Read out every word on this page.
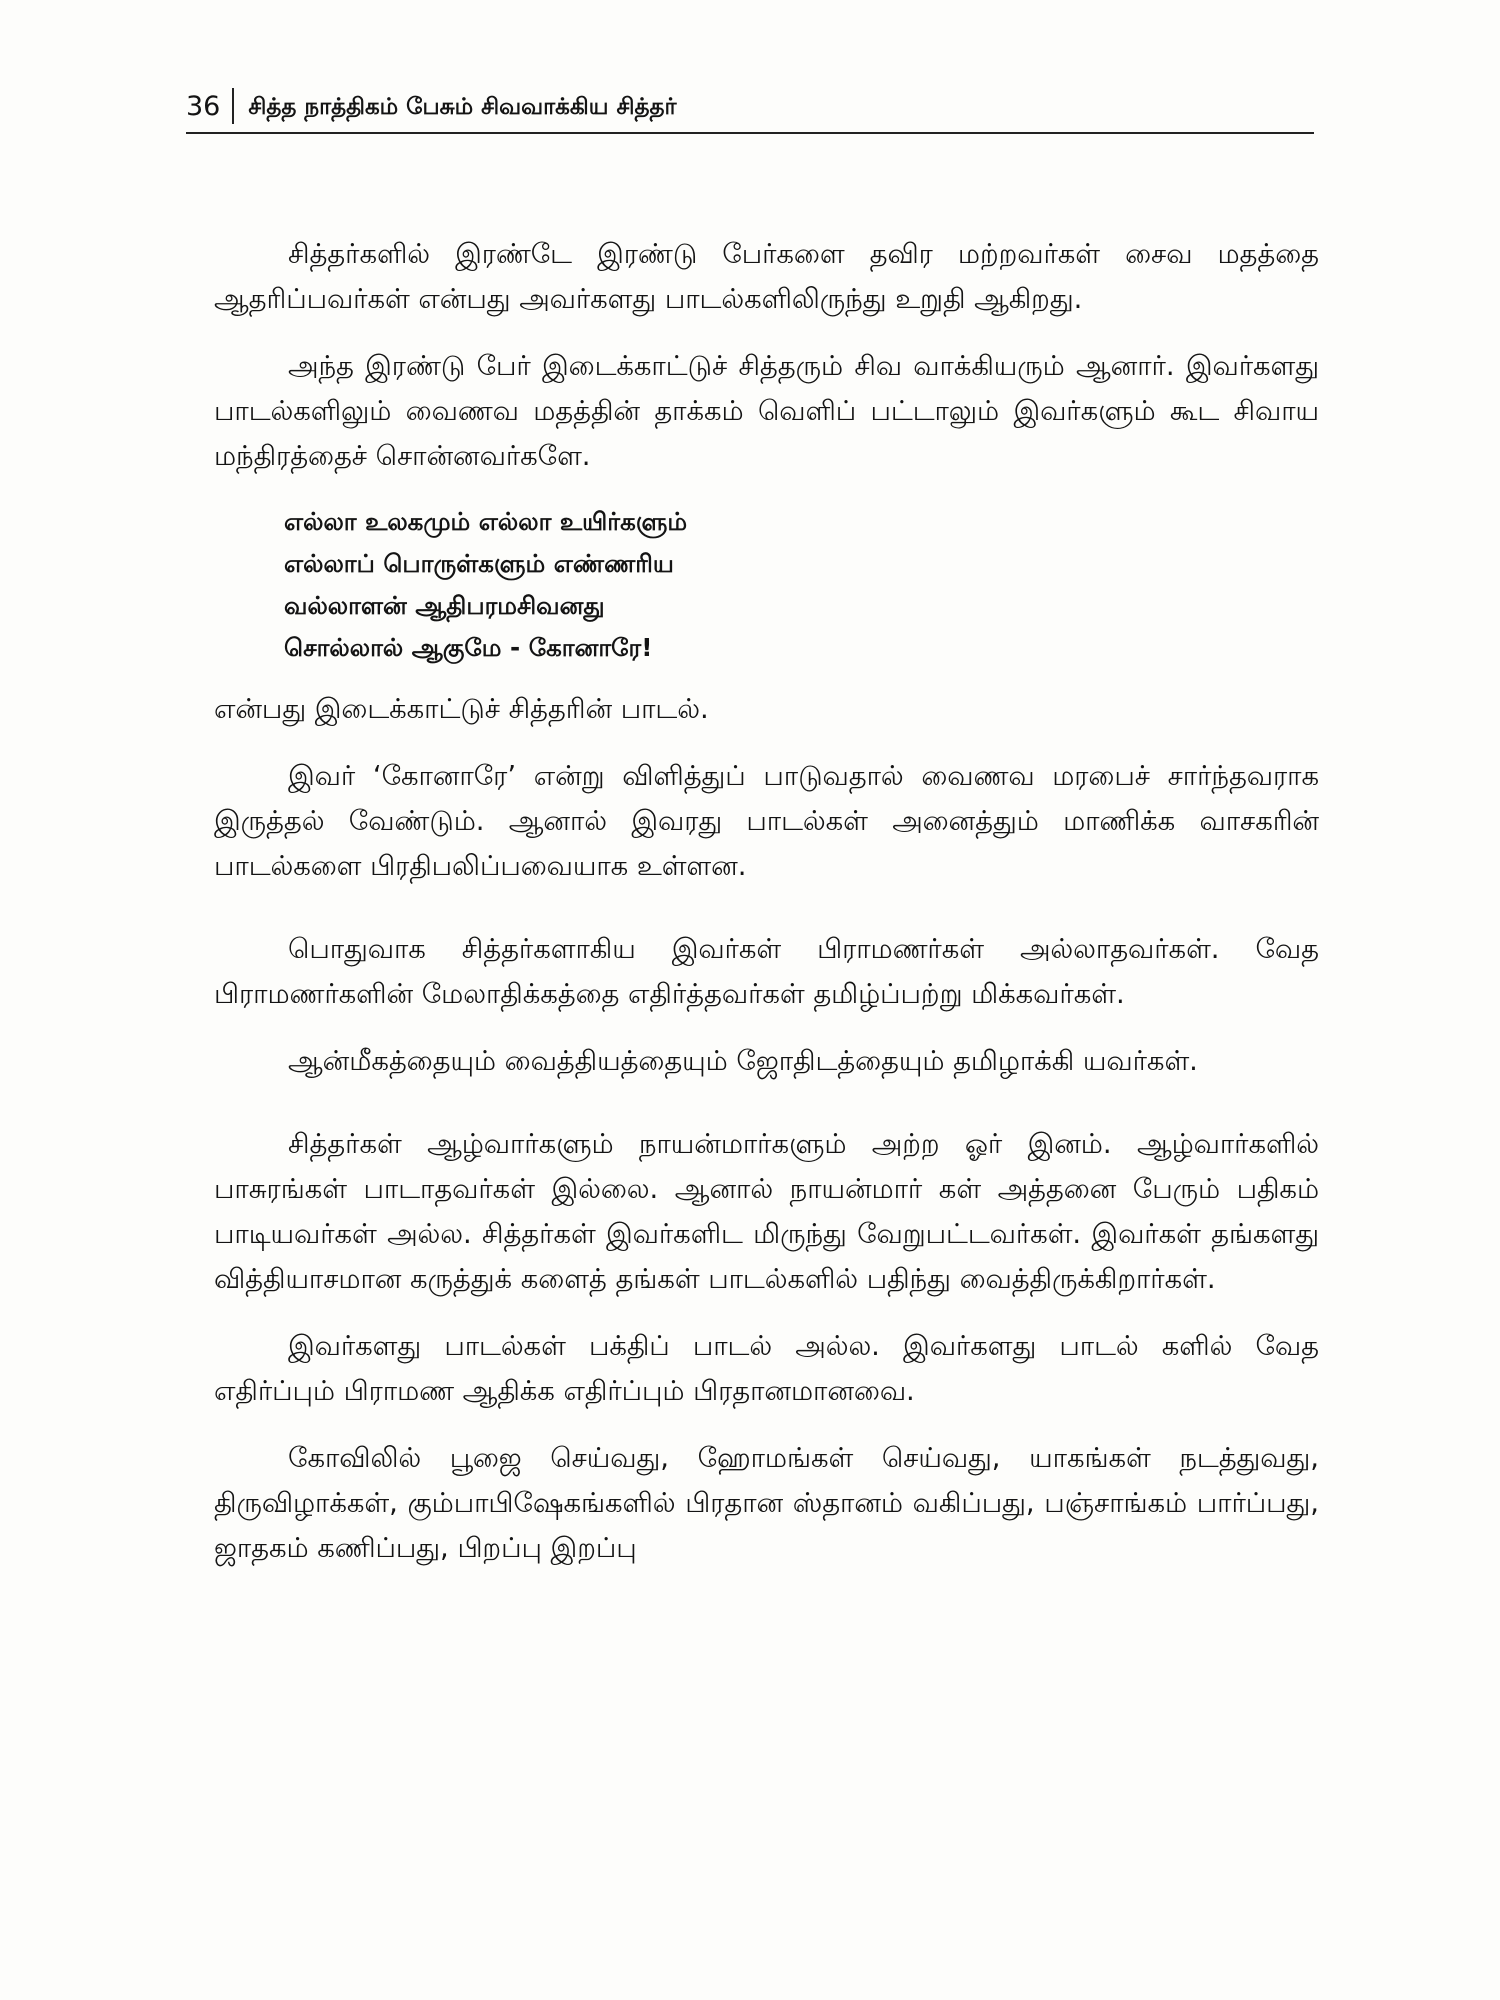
36 சித்த நாத்திகம் பேசும் சிவவாக்கிய சித்தர்

சித்தர்களில் இரண்டே இரண்டு பேர்களை தவிர மற்றவர்கள் சைவ மதத்தை ஆதரிப்பவர்கள் என்பது அவர்களது பாடல்களிலிருந்து உறுதி ஆகிறது.

அந்த இரண்டு பேர் இடைக்காட்டுச் சித்தரும் சிவ வாக்கியரும் ஆனார். இவர்களது பாடல்களிலும் வைணவ மதத்தின் தாக்கம் வெளிப் பட்டாலும் இவர்களும் கூட சிவாய மந்திரத்தைச் சொன்னவர்களே.

எல்லா உலகமும் எல்லா உயிர்களும்
எல்லாப் பொருள்களும் எண்ணரிய
வல்லாளன் ஆதிபரமசிவனது
சொல்லால் ஆகுமே - கோனாரே!

என்பது இடைக்காட்டுச் சித்தரின் பாடல்.

இவர் ‘கோனாரே’ என்று விளித்துப் பாடுவதால் வைணவ மரபைச் சார்ந்தவராக இருத்தல் வேண்டும். ஆனால் இவரது பாடல்கள் அனைத்தும் மாணிக்க வாசகரின் பாடல்களை பிரதிபலிப்பவையாக உள்ளன.

பொதுவாக சித்தர்களாகிய இவர்கள் பிராமணர்கள் அல்லாதவர்கள். வேத பிராமணர்களின் மேலாதிக்கத்தை எதிர்த்தவர்கள் தமிழ்ப்பற்று மிக்கவர்கள்.

ஆன்மீகத்தையும் வைத்தியத்தையும் ஜோதிடத்தையும் தமிழாக்கி யவர்கள்.

சித்தர்கள் ஆழ்வார்களும் நாயன்மார்களும் அற்ற ஓர் இனம். ஆழ்வார்களில் பாசுரங்கள் பாடாதவர்கள் இல்லை. ஆனால் நாயன்மார் கள் அத்தனை பேரும் பதிகம் பாடியவர்கள் அல்ல. சித்தர்கள் இவர்களிட மிருந்து வேறுபட்டவர்கள். இவர்கள் தங்களது வித்தியாசமான கருத்துக் களைத் தங்கள் பாடல்களில் பதிந்து வைத்திருக்கிறார்கள்.

இவர்களது பாடல்கள் பக்திப் பாடல் அல்ல. இவர்களது பாடல் களில் வேத எதிர்ப்பும் பிராமண ஆதிக்க எதிர்ப்பும் பிரதானமானவை.

கோவிலில் பூஜை செய்வது, ஹோமங்கள் செய்வது, யாகங்கள் நடத்துவது, திருவிழாக்கள், கும்பாபிஷேகங்களில் பிரதான ஸ்தானம் வகிப்பது, பஞ்சாங்கம் பார்ப்பது, ஜாதகம் கணிப்பது, பிறப்பு இறப்பு
